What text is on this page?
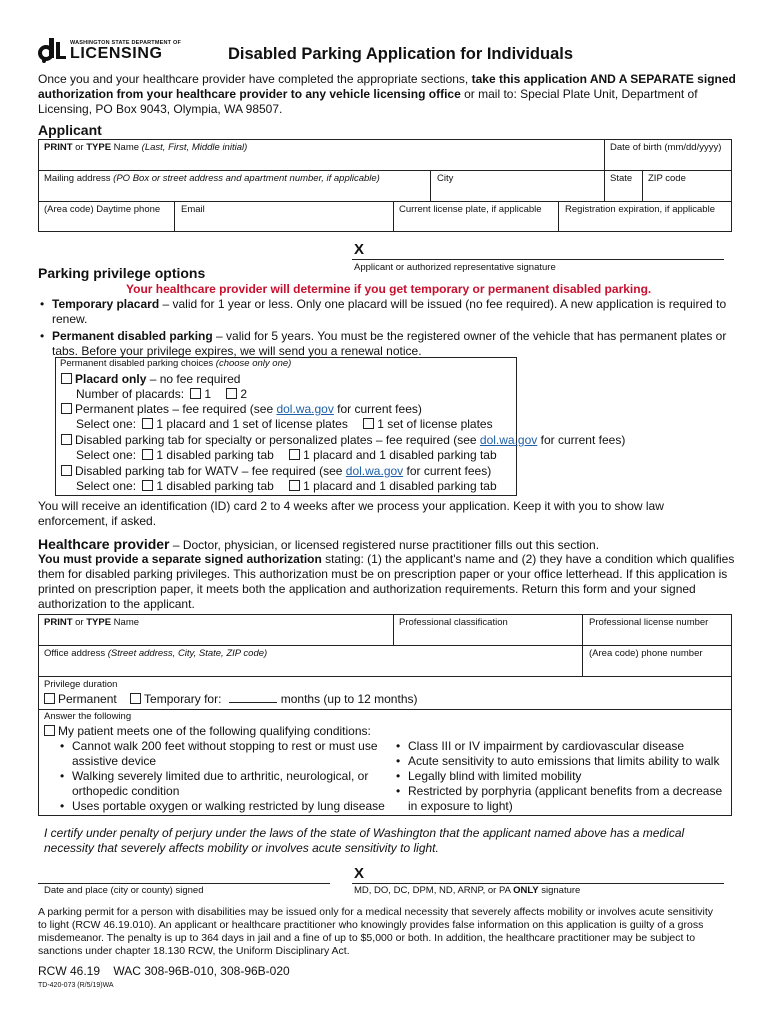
WASHINGTON STATE DEPARTMENT OF
LICENSING	Disabled Parking Application for Individuals
Once you and your healthcare provider have completed the appropriate sections, take this application AND A SEPARATE signed authorization from your healthcare provider to any vehicle licensing office or mail to: Special Plate Unit, Department of Licensing, PO Box 9043, Olympia, WA 98507.
Applicant
PRINT or TYPE Name (Last, First, Middle initial)	Date of birth (mm/dd/yyyy)
Mailing address (PO Box or street address and apartment number, if applicable)	City	State	ZIP code
(Area code) Daytime phone	Email	Current license plate, if applicable	Registration expiration, if applicable
X
Applicant or authorized representative signature
Parking privilege options
Your healthcare provider will determine if you get temporary or permanent disabled parking.
• Temporary placard – valid for 1 year or less. Only one placard will be issued (no fee required). A new application is required to renew.
• Permanent disabled parking – valid for 5 years. You must be the registered owner of the vehicle that has permanent plates or tabs. Before your privilege expires, we will send you a renewal notice.
Permanent disabled parking choices (choose only one)
Placard only – no fee required
Number of placards: 1 2
Permanent plates – fee required (see dol.wa.gov for current fees)
Select one: 1 placard and 1 set of license plates 1 set of license plates
Disabled parking tab for specialty or personalized plates – fee required (see dol.wa.gov for current fees)
Select one: 1 disabled parking tab 1 placard and 1 disabled parking tab
Disabled parking tab for WATV – fee required (see dol.wa.gov for current fees)
Select one: 1 disabled parking tab 1 placard and 1 disabled parking tab
You will receive an identification (ID) card 2 to 4 weeks after we process your application. Keep it with you to show law enforcement, if asked.
Healthcare provider – Doctor, physician, or licensed registered nurse practitioner fills out this section.
You must provide a separate signed authorization stating: (1) the applicant's name and (2) they have a condition which qualifies them for disabled parking privileges. This authorization must be on prescription paper or your office letterhead. If this application is printed on prescription paper, it meets both the application and authorization requirements. Return this form and your signed authorization to the applicant.
PRINT or TYPE Name	Professional classification	Professional license number
Office address (Street address, City, State, ZIP code)	(Area code) phone number
Privilege duration
Permanent Temporary for:	months (up to 12 months)
Answer the following
My patient meets one of the following qualifying conditions:
• Cannot walk 200 feet without stopping to rest or must use assistive device
• Walking severely limited due to arthritic, neurological, or orthopedic condition
• Uses portable oxygen or walking restricted by lung disease
• Class III or IV impairment by cardiovascular disease
• Acute sensitivity to auto emissions that limits ability to walk
• Legally blind with limited mobility
• Restricted by porphyria (applicant benefits from a decrease in exposure to light)
I certify under penalty of perjury under the laws of the state of Washington that the applicant named above has a medical necessity that severely affects mobility or involves acute sensitivity to light.
Date and place (city or county) signed
X
MD, DO, DC, DPM, ND, ARNP, or PA ONLY signature
A parking permit for a person with disabilities may be issued only for a medical necessity that severely affects mobility or involves acute sensitivity to light (RCW 46.19.010). An applicant or healthcare practitioner who knowingly provides false information on this application is guilty of a gross misdemeanor. The penalty is up to 364 days in jail and a fine of up to $5,000 or both. In addition, the healthcare practitioner may be subject to sanctions under chapter 18.130 RCW, the Uniform Disciplinary Act.
RCW 46.19    WAC 308-96B-010, 308-96B-020
TD-420-073 (R/5/19)WA
